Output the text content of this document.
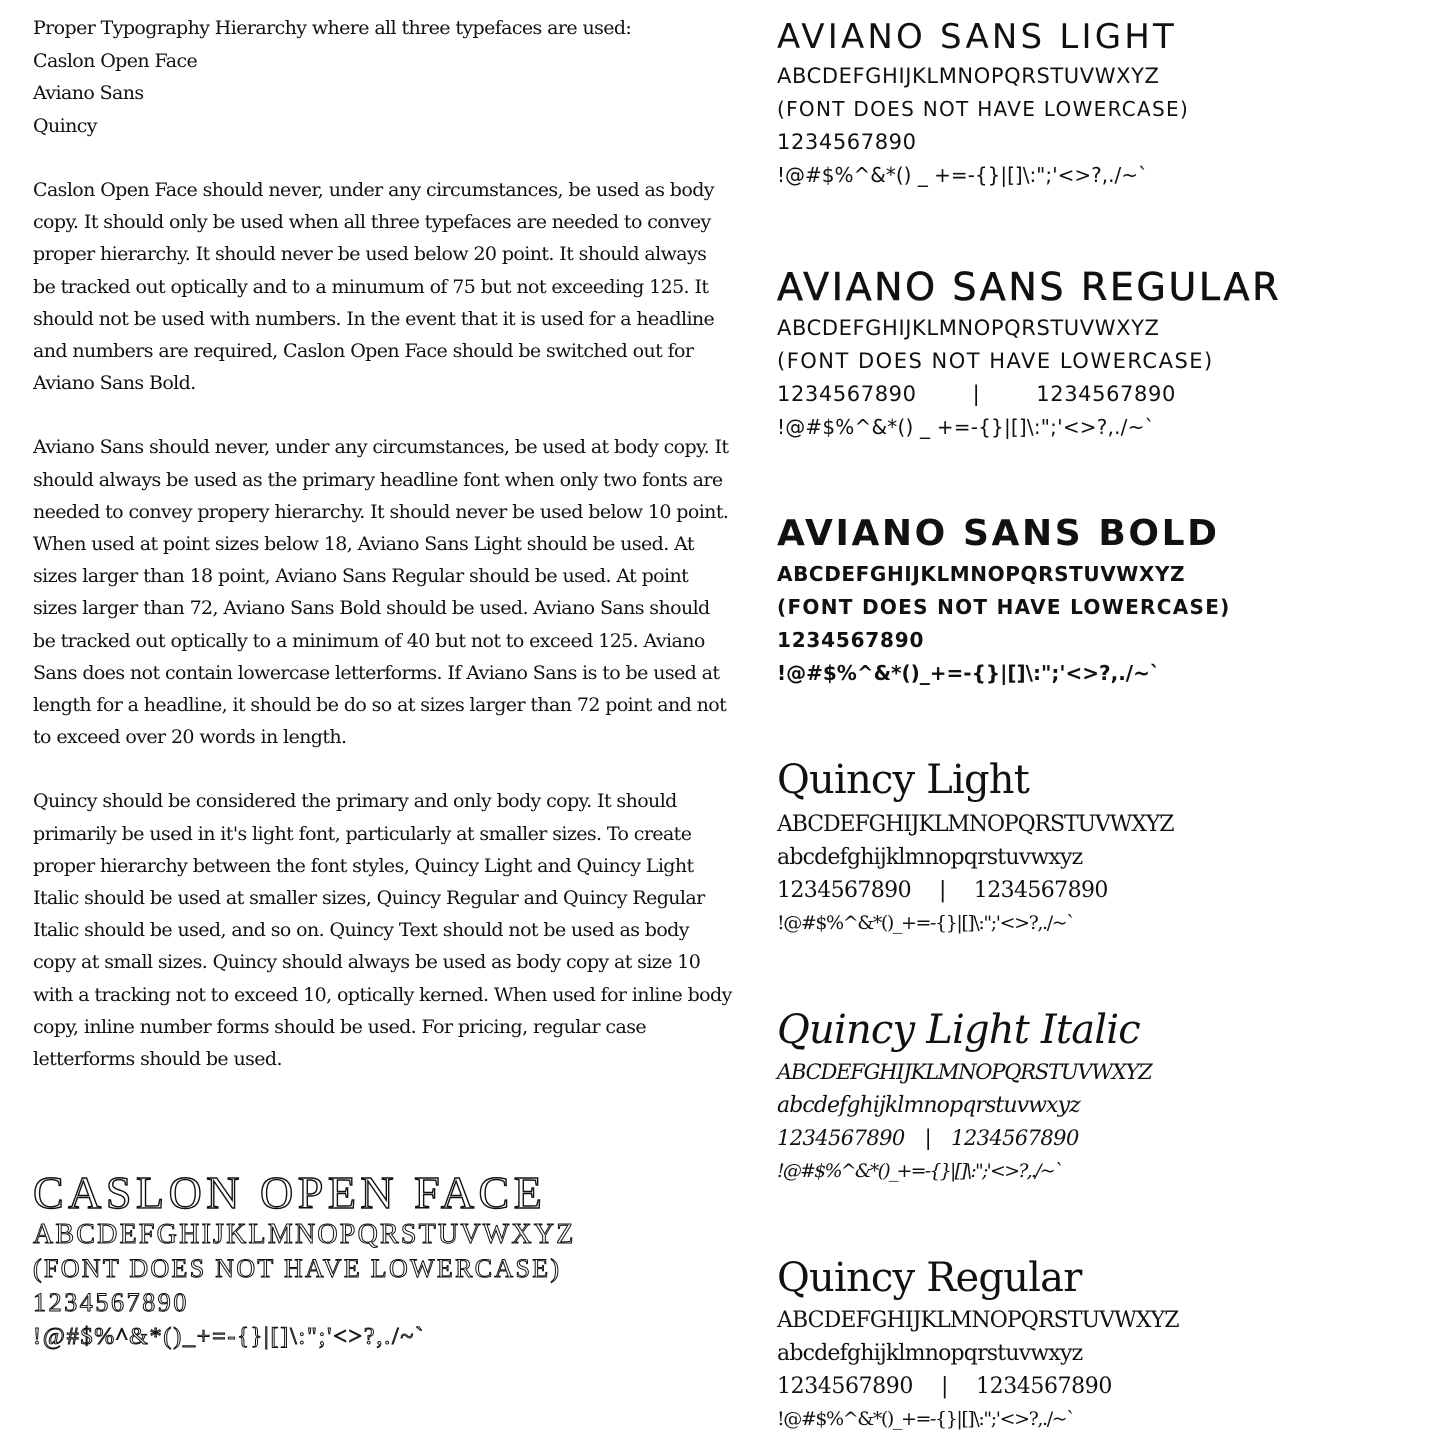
Proper Typography Hierarchy where all three typefaces are used:
Caslon Open Face
Aviano Sans
Quincy

Caslon Open Face should never, under any circumstances, be used as body copy. It should only be used when all three typefaces are needed to convey proper hierarchy. It should never be used below 20 point. It should always be tracked out optically and to a minumum of 75 but not exceeding 125. It should not be used with numbers. In the event that it is used for a headline and numbers are required, Caslon Open Face should be switched out for Aviano Sans Bold.

Aviano Sans should never, under any circumstances, be used at body copy. It should always be used as the primary headline font when only two fonts are needed to convey propery hierarchy. It should never be used below 10 point. When used at point sizes below 18, Aviano Sans Light should be used. At sizes larger than 18 point, Aviano Sans Regular should be used. At point sizes larger than 72, Aviano Sans Bold should be used. Aviano Sans should be tracked out optically to a minimum of 40 but not to exceed 125. Aviano Sans does not contain lowercase letterforms. If Aviano Sans is to be used at length for a headline, it should be do so at sizes larger than 72 point and not to exceed over 20 words in length.

Quincy should be considered the primary and only body copy. It should primarily be used in it's light font, particularly at smaller sizes. To create proper hierarchy between the font styles, Quincy Light and Quincy Light Italic should be used at smaller sizes, Quincy Regular and Quincy Regular Italic should be used, and so on. Quincy Text should not be used as body copy at small sizes. Quincy should always be used as body copy at size 10 with a tracking not to exceed 10, optically kerned. When used for inline body copy, inline number forms should be used. For pricing, regular case letterforms should be used.

CASLON OPEN FACE
ABCDEFGHIJKLMNOPQRSTUVWXYZ
(FONT DOES NOT HAVE LOWERCASE)
1234567890
!@#$%^&*()_+=-{}|[]\:";'<>?,./~`
AVIANO SANS LIGHT
ABCDEFGHIJKLMNOPQRSTUVWXYZ
(FONT DOES NOT HAVE LOWERCASE)
1234567890
!@#$%^&*() _ +=-{}|[]\:";'<>?,./~`
AVIANO SANS REGULAR
ABCDEFGHIJKLMNOPQRSTUVWXYZ
(FONT DOES NOT HAVE LOWERCASE)
1234567890	|	1234567890
!@#$%^&*() _ +=-{}|[]\:";'<>?,./~`
AVIANO SANS BOLD
ABCDEFGHIJKLMNOPQRSTUVWXYZ
(FONT DOES NOT HAVE LOWERCASE)
1234567890
!@#$%^&*()_+=-{}|[]\:";'<>?,./~`
Quincy Light
ABCDEFGHIJKLMNOPQRSTUVWXYZ
abcdefghijklmnopqrstuvwxyz
1234567890 | 1234567890
!@#$%^&*()_+=-{}|[]\:";'<>?,./~`
Quincy Light Italic
ABCDEFGHIJKLMNOPQRSTUVWXYZ
abcdefghijklmnopqrstuvwxyz
1234567890 | 1234567890
!@#$%^&*()_+=-{}|[]\:";'<>?,./~`
Quincy Regular
ABCDEFGHIJKLMNOPQRSTUVWXYZ
abcdefghijklmnopqrstuvwxyz
1234567890 | 1234567890
!@#$%^&*()_+=-{}|[]\:";'<>?,./~`
